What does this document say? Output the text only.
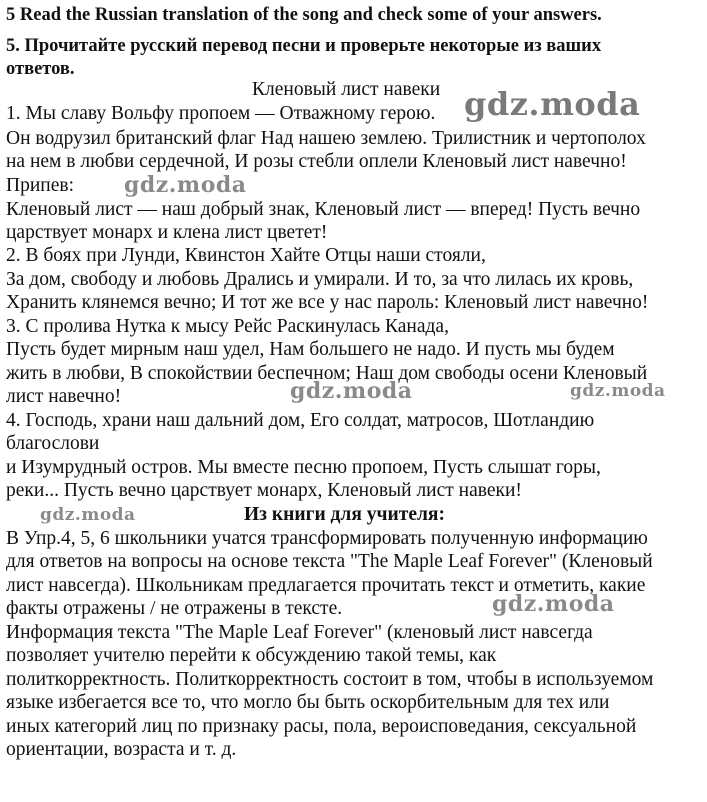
5 Read the Russian translation of the song and check some of your answers.
5. Прочитайте русский перевод песни и проверьте некоторые из ваших
ответов.
Кленовый лист навеки
1. Мы славу Вольфу пропоем — Отважному герою.
Он водрузил британский флаг Над нашею землею. Трилистник и чертополох
на нем в любви сердечной, И розы стебли оплели Кленовый лист навечно!
Припев:
Кленовый лист — наш добрый знак, Кленовый лист — вперед! Пусть вечно
царствует монарх и клена лист цветет!
2. В боях при Лунди, Квинстон Хайте Отцы наши стояли,
За дом, свободу и любовь Дрались и умирали. И то, за что лилась их кровь,
Хранить клянемся вечно; И тот же все у нас пароль: Кленовый лист навечно!
3. С пролива Нутка к мысу Рейс Раскинулась Канада,
Пусть будет мирным наш удел, Нам большего не надо. И пусть мы будем
жить в любви, В спокойствии беспечном; Наш дом свободы осени Кленовый
лист навечно!
4. Господь, храни наш дальний дом, Его солдат, матросов, Шотландию
благослови
и Изумрудный остров. Мы вместе песню пропоем, Пусть слышат горы,
реки... Пусть вечно царствует монарх, Кленовый лист навеки!
Из книги для учителя:
В Упр.4, 5, 6 школьники учатся трансформировать полученную информацию
для ответов на вопросы на основе текста "The Maple Leaf Forever" (Кленовый
лист навсегда). Школьникам предлагается прочитать текст и отметить, какие
факты отражены / не отражены в тексте.
Информация текста "The Maple Leaf Forever" (кленовый лист навсегда
позволяет учителю перейти к обсуждению такой темы, как
политкорректность. Политкорректность состоит в том, чтобы в используемом
языке избегается все то, что могло бы быть оскорбительным для тех или
иных категорий лиц по признаку расы, пола, вероисповедания, сексуальной
ориентации, возраста и т. д.
gdz.moda
gdz.moda
gdz.moda	gdz.moda
gdz.moda
gdz.moda
